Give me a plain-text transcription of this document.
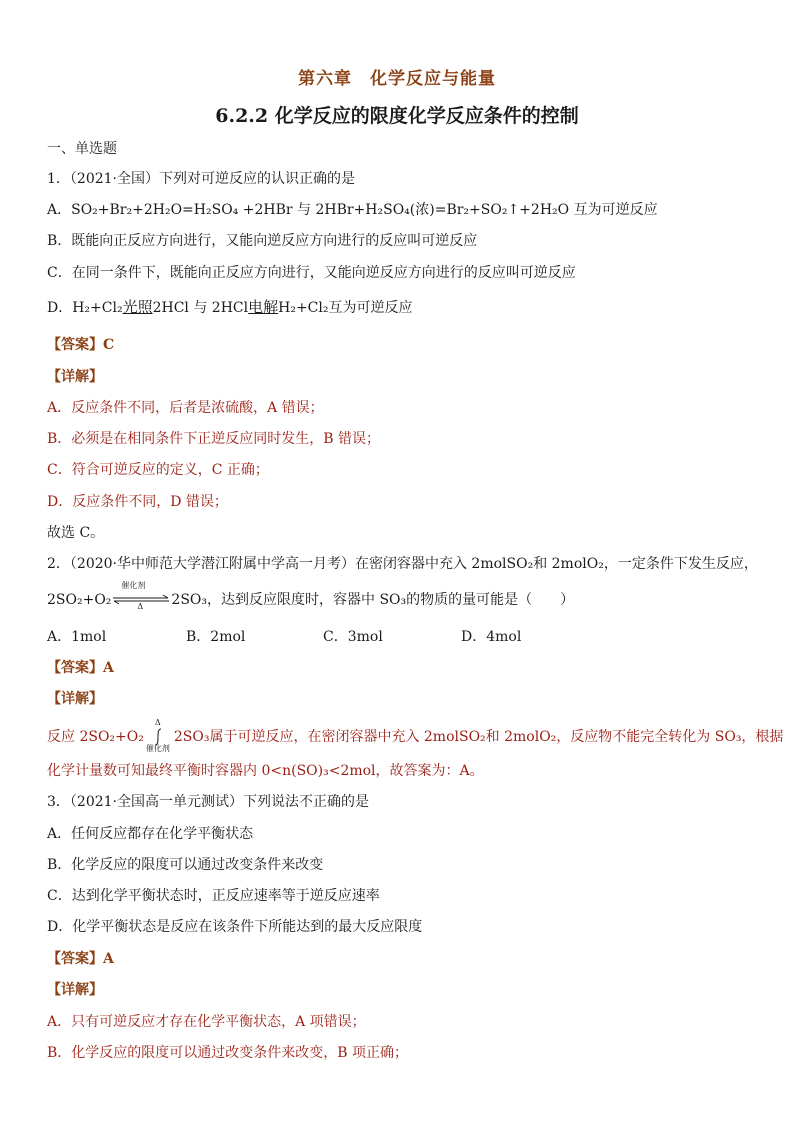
第六章　化学反应与能量
6.2.2 化学反应的限度化学反应条件的控制
一、单选题
1．（2021·全国）下列对可逆反应的认识正确的是
A．SO₂+Br₂+2H₂O=H₂SO₄ +2HBr 与 2HBr+H₂SO₄(浓)=Br₂+SO₂↑+2H₂O 互为可逆反应
B．既能向正反应方向进行，又能向逆反应方向进行的反应叫可逆反应
C．在同一条件下，既能向正反应方向进行，又能向逆反应方向进行的反应叫可逆反应
D．H₂+Cl₂光照2HCl 与 2HCl电解H₂+Cl₂互为可逆反应
【答案】C
【详解】
A．反应条件不同，后者是浓硫酸，A 错误；
B．必须是在相同条件下正逆反应同时发生，B 错误；
C．符合可逆反应的定义，C 正确；
D．反应条件不同，D 错误；
故选 C。
2．（2020·华中师范大学潜江附属中学高一月考）在密闭容器中充入 2molSO₂和 2molO₂，一定条件下发生反应，
2SO₂+O₂
催化剂
Δ 2SO₃，达到反应限度时，容器中 SO₃的物质的量可能是（　　）
A．1mol	B．2mol	C．3mol	D．4mol
【答案】A
【详解】
反应 2SO₂+O₂
Δ
催化剂
2SO₃属于可逆反应，在密闭容器中充入 2molSO₂和 2molO₂，反应物不能完全转化为 SO₃，根据
化学计量数可知最终平衡时容器内 0<n(SO)₃<2mol，故答案为：A。
3．（2021·全国高一单元测试）下列说法不正确的是
A．任何反应都存在化学平衡状态
B．化学反应的限度可以通过改变条件来改变
C．达到化学平衡状态时，正反应速率等于逆反应速率
D．化学平衡状态是反应在该条件下所能达到的最大反应限度
【答案】A
【详解】
A．只有可逆反应才存在化学平衡状态，A 项错误；
B．化学反应的限度可以通过改变条件来改变，B 项正确；
